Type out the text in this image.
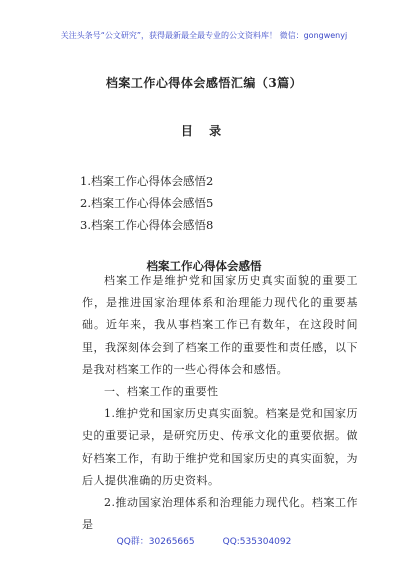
关注头条号“公文研究”，获得最新最全最专业的公文资料库！ 微信：gongwenyj
档案工作心得体会感悟汇编（3篇）
目 录
1.档案工作心得体会感悟2
2.档案工作心得体会感悟5
3.档案工作心得体会感悟8
档案工作心得体会感悟

档案工作是维护党和国家历史真实面貌的重要工作，是推进国家治理体系和治理能力现代化的重要基础。近年来，我从事档案工作已有数年，在这段时间里，我深刻体会到了档案工作的重要性和责任感，以下是我对档案工作的一些心得体会和感悟。

一、档案工作的重要性

1.维护党和国家历史真实面貌。档案是党和国家历史的重要记录，是研究历史、传承文化的重要依据。做好档案工作，有助于维护党和国家历史的真实面貌，为后人提供准确的历史资料。

2.推动国家治理体系和治理能力现代化。档案工作是

QQ群：30265665	QQ:535304092
